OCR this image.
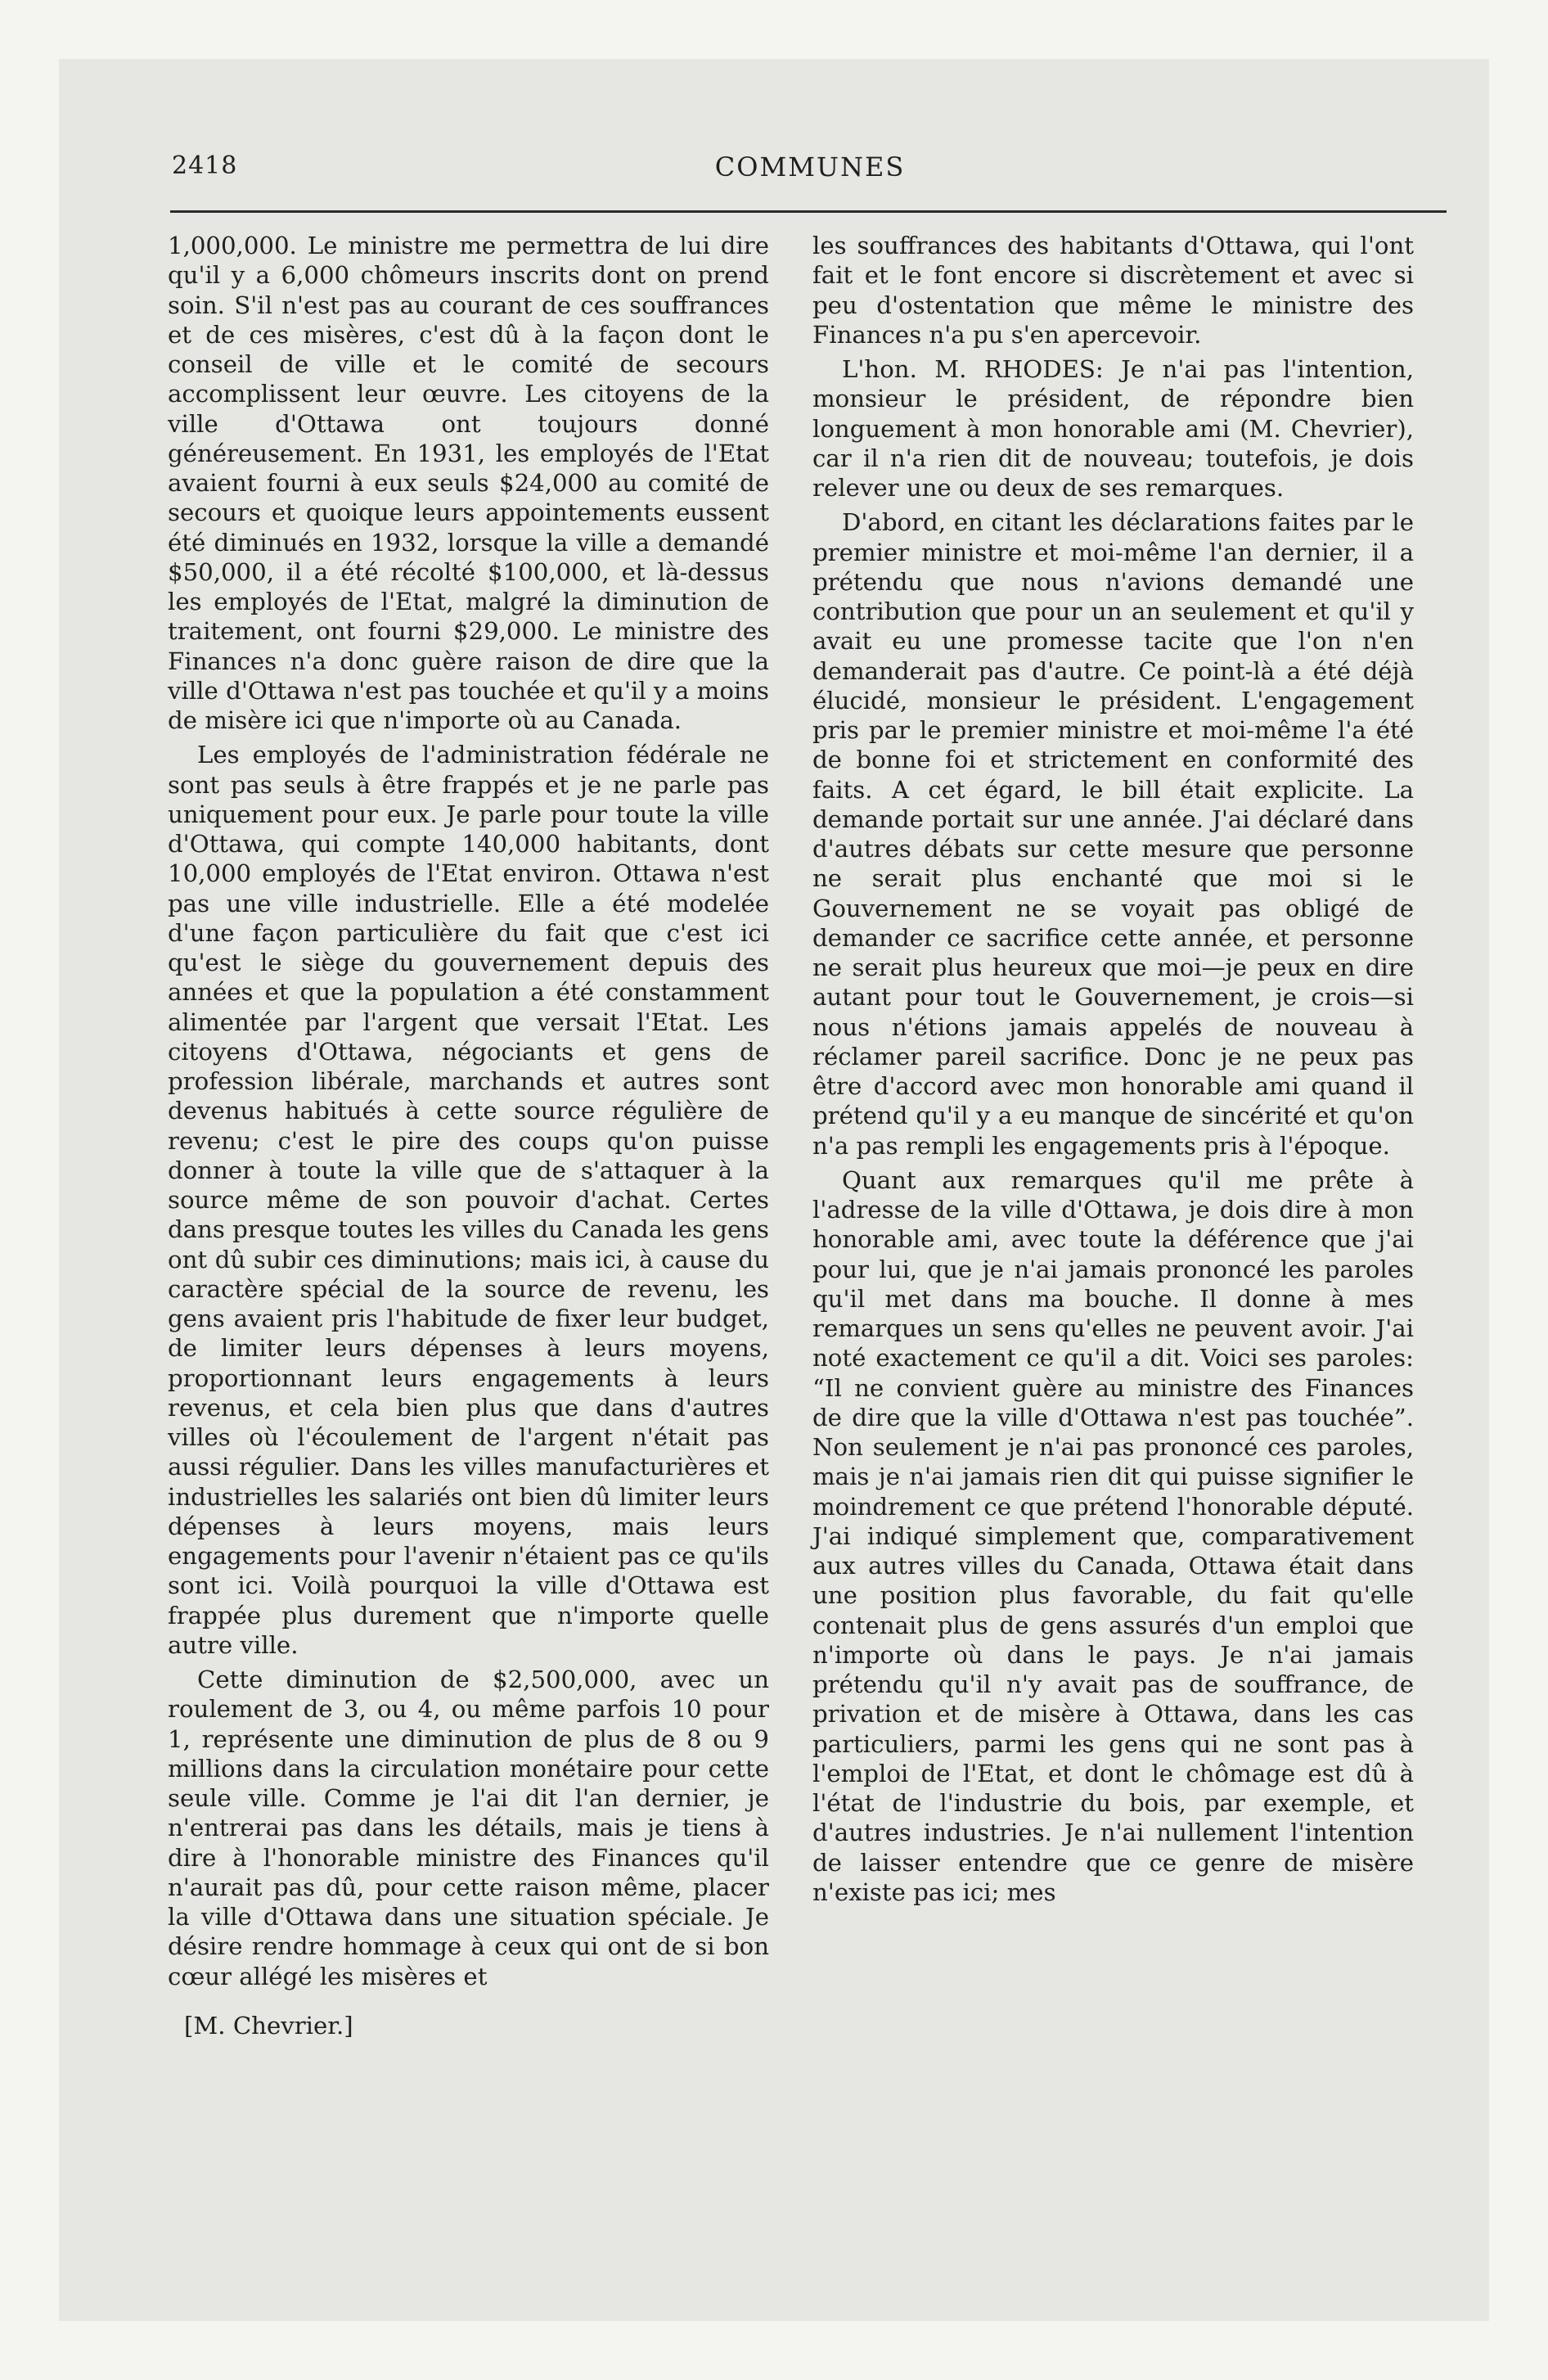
2418	COMMUNES

1,000,000. Le ministre me permettra de lui dire qu'il y a 6,000 chômeurs inscrits dont on prend soin. S'il n'est pas au courant de ces souffrances et de ces misères, c'est dû à la façon dont le conseil de ville et le comité de secours accomplissent leur œuvre. Les citoyens de la ville d'Ottawa ont toujours donné généreusement. En 1931, les employés de l'Etat avaient fourni à eux seuls $24,000 au comité de secours et quoique leurs appointements eussent été diminués en 1932, lorsque la ville a demandé $50,000, il a été récolté $100,000, et là-dessus les employés de l'Etat, malgré la diminution de traitement, ont fourni $29,000. Le ministre des Finances n'a donc guère raison de dire que la ville d'Ottawa n'est pas touchée et qu'il y a moins de misère ici que n'importe où au Canada.

Les employés de l'administration fédérale ne sont pas seuls à être frappés et je ne parle pas uniquement pour eux. Je parle pour toute la ville d'Ottawa, qui compte 140,000 habitants, dont 10,000 employés de l'Etat environ. Ottawa n'est pas une ville industrielle. Elle a été modelée d'une façon particulière du fait que c'est ici qu'est le siège du gouvernement depuis des années et que la population a été constamment alimentée par l'argent que versait l'Etat. Les citoyens d'Ottawa, négociants et gens de profession libérale, marchands et autres sont devenus habitués à cette source régulière de revenu; c'est le pire des coups qu'on puisse donner à toute la ville que de s'attaquer à la source même de son pouvoir d'achat. Certes dans presque toutes les villes du Canada les gens ont dû subir ces diminutions; mais ici, à cause du caractère spécial de la source de revenu, les gens avaient pris l'habitude de fixer leur budget, de limiter leurs dépenses à leurs moyens, proportionnant leurs engagements à leurs revenus, et cela bien plus que dans d'autres villes où l'écoulement de l'argent n'était pas aussi régulier. Dans les villes manufacturières et industrielles les salariés ont bien dû limiter leurs dépenses à leurs moyens, mais leurs engagements pour l'avenir n'étaient pas ce qu'ils sont ici. Voilà pourquoi la ville d'Ottawa est frappée plus durement que n'importe quelle autre ville.

Cette diminution de $2,500,000, avec un roulement de 3, ou 4, ou même parfois 10 pour 1, représente une diminution de plus de 8 ou 9 millions dans la circulation monétaire pour cette seule ville. Comme je l'ai dit l'an dernier, je n'entrerai pas dans les détails, mais je tiens à dire à l'honorable ministre des Finances qu'il n'aurait pas dû, pour cette raison même, placer la ville d'Ottawa dans une situation spéciale. Je désire rendre hommage à ceux qui ont de si bon cœur allégé les misères et

[M. Chevrier.]

les souffrances des habitants d'Ottawa, qui l'ont fait et le font encore si discrètement et avec si peu d'ostentation que même le ministre des Finances n'a pu s'en apercevoir.

L'hon. M. RHODES: Je n'ai pas l'intention, monsieur le président, de répondre bien longuement à mon honorable ami (M. Chevrier), car il n'a rien dit de nouveau; toutefois, je dois relever une ou deux de ses remarques.

D'abord, en citant les déclarations faites par le premier ministre et moi-même l'an dernier, il a prétendu que nous n'avions demandé une contribution que pour un an seulement et qu'il y avait eu une promesse tacite que l'on n'en demanderait pas d'autre. Ce point-là a été déjà élucidé, monsieur le président. L'engagement pris par le premier ministre et moi-même l'a été de bonne foi et strictement en conformité des faits. A cet égard, le bill était explicite. La demande portait sur une année. J'ai déclaré dans d'autres débats sur cette mesure que personne ne serait plus enchanté que moi si le Gouvernement ne se voyait pas obligé de demander ce sacrifice cette année, et personne ne serait plus heureux que moi—je peux en dire autant pour tout le Gouvernement, je crois—si nous n'étions jamais appelés de nouveau à réclamer pareil sacrifice. Donc je ne peux pas être d'accord avec mon honorable ami quand il prétend qu'il y a eu manque de sincérité et qu'on n'a pas rempli les engagements pris à l'époque.

Quant aux remarques qu'il me prête à l'adresse de la ville d'Ottawa, je dois dire à mon honorable ami, avec toute la déférence que j'ai pour lui, que je n'ai jamais prononcé les paroles qu'il met dans ma bouche. Il donne à mes remarques un sens qu'elles ne peuvent avoir. J'ai noté exactement ce qu'il a dit. Voici ses paroles: “Il ne convient guère au ministre des Finances de dire que la ville d'Ottawa n'est pas touchée”. Non seulement je n'ai pas prononcé ces paroles, mais je n'ai jamais rien dit qui puisse signifier le moindrement ce que prétend l'honorable député. J'ai indiqué simplement que, comparativement aux autres villes du Canada, Ottawa était dans une position plus favorable, du fait qu'elle contenait plus de gens assurés d'un emploi que n'importe où dans le pays. Je n'ai jamais prétendu qu'il n'y avait pas de souffrance, de privation et de misère à Ottawa, dans les cas particuliers, parmi les gens qui ne sont pas à l'emploi de l'Etat, et dont le chômage est dû à l'état de l'industrie du bois, par exemple, et d'autres industries. Je n'ai nullement l'intention de laisser entendre que ce genre de misère n'existe pas ici; mes
